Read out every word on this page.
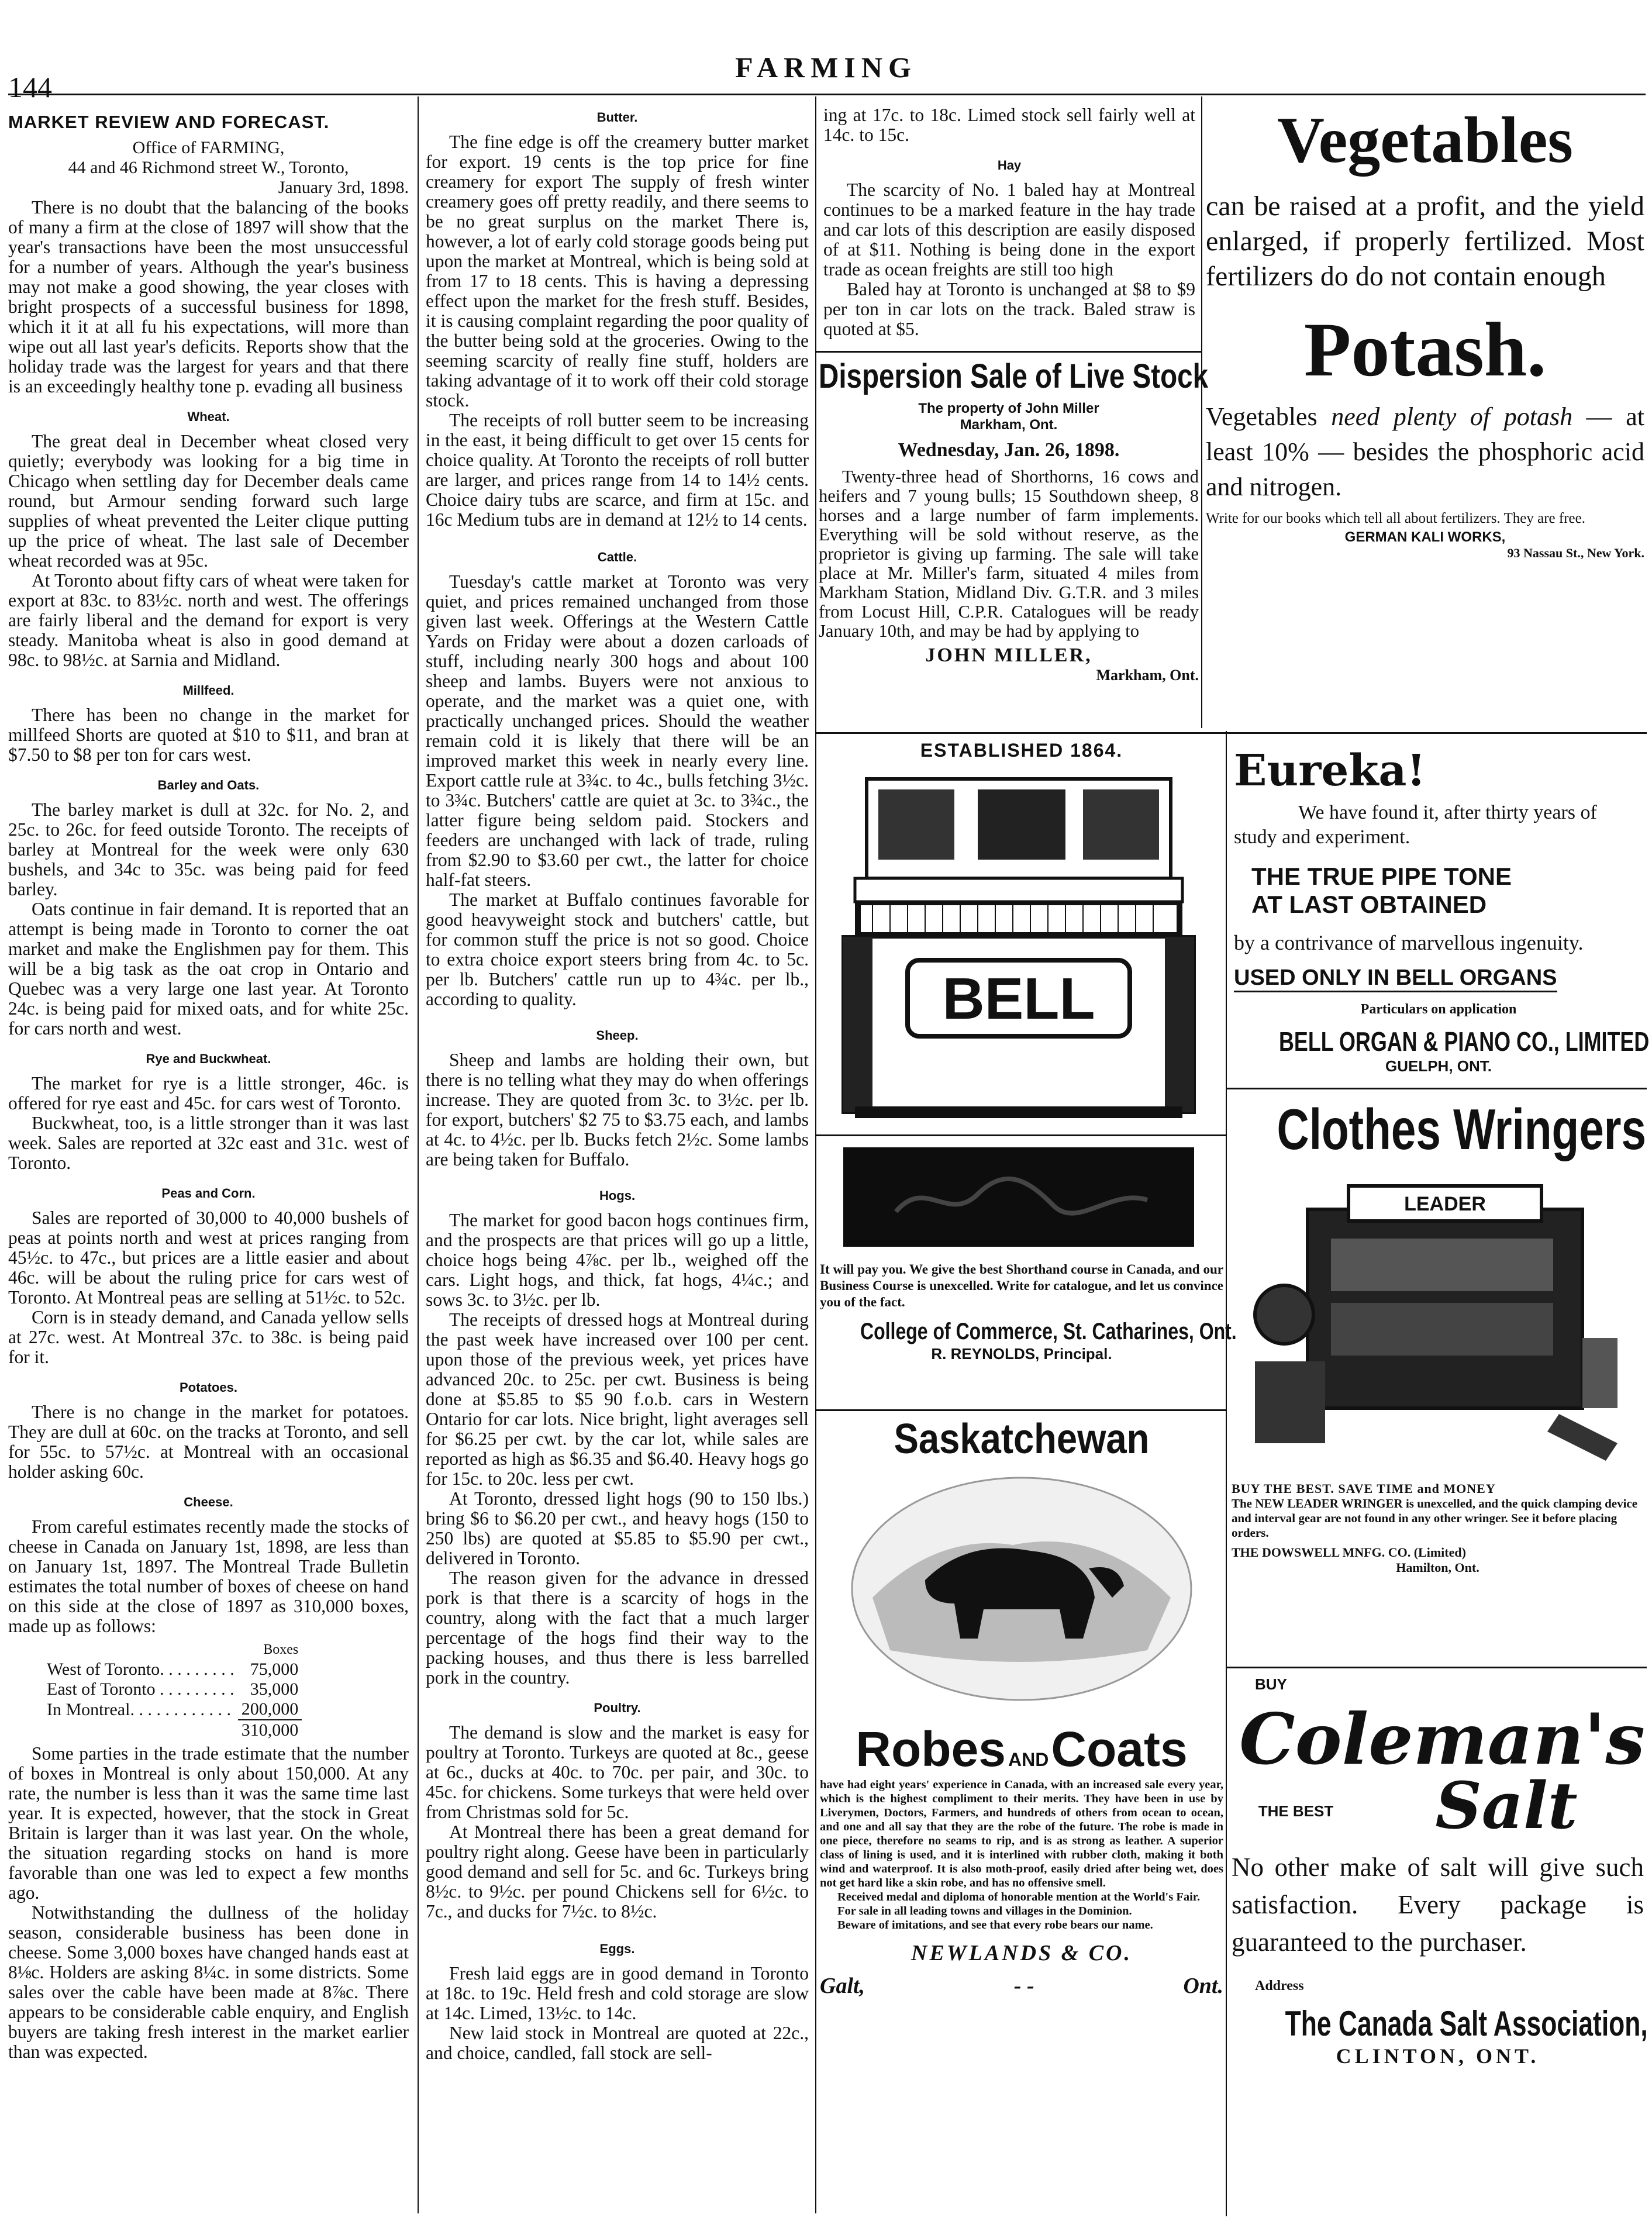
144
FARMING
MARKET REVIEW AND FORECAST.

Office of FARMING,

44 and 46 Richmond street W., Toronto,

January 3rd, 1898.

There is no doubt that the balancing of the books of many a firm at the close of 1897 will show that the year's transactions have been the most unsuccessful for a number of years. Although the year's business may not make a good showing, the year closes with bright prospects of a successful business for 1898, which it it at all fu his expectations, will more than wipe out all last year's deficits. Reports show that the holiday trade was the largest for years and that there is an exceedingly healthy tone p. evading all business

Wheat.

The great deal in December wheat closed very quietly; everybody was looking for a big time in Chicago when settling day for December deals came round, but Armour sending forward such large supplies of wheat prevented the Leiter clique putting up the price of wheat. The last sale of December wheat recorded was at 95c.

At Toronto about fifty cars of wheat were taken for export at 83c. to 83½c. north and west. The offerings are fairly liberal and the demand for export is very steady. Manitoba wheat is also in good demand at 98c. to 98½c. at Sarnia and Midland.

Millfeed.

There has been no change in the market for millfeed Shorts are quoted at $10 to $11, and bran at $7.50 to $8 per ton for cars west.

Barley and Oats.

The barley market is dull at 32c. for No. 2, and 25c. to 26c. for feed outside Toronto. The receipts of barley at Montreal for the week were only 630 bushels, and 34c to 35c. was being paid for feed barley.

Oats continue in fair demand. It is reported that an attempt is being made in Toronto to corner the oat market and make the Englishmen pay for them. This will be a big task as the oat crop in Ontario and Quebec was a very large one last year. At Toronto 24c. is being paid for mixed oats, and for white 25c. for cars north and west.

Rye and Buckwheat.

The market for rye is a little stronger, 46c. is offered for rye east and 45c. for cars west of Toronto.

Buckwheat, too, is a little stronger than it was last week. Sales are reported at 32c east and 31c. west of Toronto.

Peas and Corn.

Sales are reported of 30,000 to 40,000 bushels of peas at points north and west at prices ranging from 45½c. to 47c., but prices are a little easier and about 46c. will be about the ruling price for cars west of Toronto. At Montreal peas are selling at 51½c. to 52c.

Corn is in steady demand, and Canada yellow sells at 27c. west. At Montreal 37c. to 38c. is being paid for it.

Potatoes.

There is no change in the market for potatoes. They are dull at 60c. on the tracks at Toronto, and sell for 55c. to 57½c. at Montreal with an occasional holder asking 60c.

Cheese.

From careful estimates recently made the stocks of cheese in Canada on January 1st, 1898, are less than on January 1st, 1897. The Montreal Trade Bulletin estimates the total number of boxes of cheese on hand on this side at the close of 1897 as 310,000 boxes, made up as follows:

	Boxes
West of Toronto. . . . . . . . .	75,000
East of Toronto . . . . . . . . .	35,000
In Montreal. . . . . . . . . . . .	200,000
	310,000

Some parties in the trade estimate that the number of boxes in Montreal is only about 150,000. At any rate, the number is less than it was the same time last year. It is expected, however, that the stock in Great Britain is larger than it was last year. On the whole, the situation regarding stocks on hand is more favorable than one was led to expect a few months ago.

Notwithstanding the dullness of the holiday season, considerable business has been done in cheese. Some 3,000 boxes have changed hands east at 8⅛c. Holders are asking 8¼c. in some districts. Some sales over the cable have been made at 8⅞c. There appears to be considerable cable enquiry, and English buyers are taking fresh interest in the market earlier than was expected.

Butter.

The fine edge is off the creamery butter market for export. 19 cents is the top price for fine creamery for export The supply of fresh winter creamery goes off pretty readily, and there seems to be no great surplus on the market There is, however, a lot of early cold storage goods being put upon the market at Montreal, which is being sold at from 17 to 18 cents. This is having a depressing effect upon the market for the fresh stuff. Besides, it is causing complaint regarding the poor quality of the butter being sold at the groceries. Owing to the seeming scarcity of really fine stuff, holders are taking advantage of it to work off their cold storage stock.

The receipts of roll butter seem to be increasing in the east, it being difficult to get over 15 cents for choice quality. At Toronto the receipts of roll butter are larger, and prices range from 14 to 14½ cents. Choice dairy tubs are scarce, and firm at 15c. and 16c Medium tubs are in demand at 12½ to 14 cents.

Cattle.

Tuesday's cattle market at Toronto was very quiet, and prices remained unchanged from those given last week. Offerings at the Western Cattle Yards on Friday were about a dozen carloads of stuff, including nearly 300 hogs and about 100 sheep and lambs. Buyers were not anxious to operate, and the market was a quiet one, with practically unchanged prices. Should the weather remain cold it is likely that there will be an improved market this week in nearly every line. Export cattle rule at 3¾c. to 4c., bulls fetching 3½c. to 3¾c. Butchers' cattle are quiet at 3c. to 3¾c., the latter figure being seldom paid. Stockers and feeders are unchanged with lack of trade, ruling from $2.90 to $3.60 per cwt., the latter for choice half-fat steers.

The market at Buffalo continues favorable for good heavyweight stock and butchers' cattle, but for common stuff the price is not so good. Choice to extra choice export steers bring from 4c. to 5c. per lb. Butchers' cattle run up to 4¾c. per lb., according to quality.

Sheep.

Sheep and lambs are holding their own, but there is no telling what they may do when offerings increase. They are quoted from 3c. to 3½c. per lb. for export, butchers' $2 75 to $3.75 each, and lambs at 4c. to 4½c. per lb. Bucks fetch 2½c. Some lambs are being taken for Buffalo.

Hogs.

The market for good bacon hogs continues firm, and the prospects are that prices will go up a little, choice hogs being 4⅞c. per lb., weighed off the cars. Light hogs, and thick, fat hogs, 4¼c.; and sows 3c. to 3½c. per lb.

The receipts of dressed hogs at Montreal during the past week have increased over 100 per cent. upon those of the previous week, yet prices have advanced 20c. to 25c. per cwt. Business is being done at $5.85 to $5 90 f.o.b. cars in Western Ontario for car lots. Nice bright, light averages sell for $6.25 per cwt. by the car lot, while sales are reported as high as $6.35 and $6.40. Heavy hogs go for 15c. to 20c. less per cwt.

At Toronto, dressed light hogs (90 to 150 lbs.) bring $6 to $6.20 per cwt., and heavy hogs (150 to 250 lbs) are quoted at $5.85 to $5.90 per cwt., delivered in Toronto.

The reason given for the advance in dressed pork is that there is a scarcity of hogs in the country, along with the fact that a much larger percentage of the hogs find their way to the packing houses, and thus there is less barrelled pork in the country.

Poultry.

The demand is slow and the market is easy for poultry at Toronto. Turkeys are quoted at 8c., geese at 6c., ducks at 40c. to 70c. per pair, and 30c. to 45c. for chickens. Some turkeys that were held over from Christmas sold for 5c.

At Montreal there has been a great demand for poultry right along. Geese have been in particularly good demand and sell for 5c. and 6c. Turkeys bring 8½c. to 9½c. per pound Chickens sell for 6½c. to 7c., and ducks for 7½c. to 8½c.

Eggs.

Fresh laid eggs are in good demand in Toronto at 18c. to 19c. Held fresh and cold storage are slow at 14c. Limed, 13½c. to 14c.

New laid stock in Montreal are quoted at 22c., and choice, candled, fall stock are sell-

ing at 17c. to 18c. Limed stock sell fairly well at 14c. to 15c.

Hay

The scarcity of No. 1 baled hay at Montreal continues to be a marked feature in the hay trade and car lots of this description are easily disposed of at $11. Nothing is being done in the export trade as ocean freights are still too high

Baled hay at Toronto is unchanged at $8 to $9 per ton in car lots on the track. Baled straw is quoted at $5.

Dispersion Sale of Live Stock
The property of John Miller
Markham, Ont.
Wednesday, Jan. 26, 1898.
Twenty-three head of Shorthorns, 16 cows and heifers and 7 young bulls; 15 Southdown sheep, 8 horses and a large number of farm implements. Everything will be sold without reserve, as the proprietor is giving up farming. The sale will take place at Mr. Miller's farm, situated 4 miles from Markham Station, Midland Div. G.T.R. and 3 miles from Locust Hill, C.P.R. Catalogues will be ready January 10th, and may be had by applying to
JOHN MILLER,
Markham, Ont.
Vegetables
can be raised at a profit, and the yield enlarged, if properly fertilized. Most fertilizers do do not contain enough
Potash.
Vegetables need plenty of potash — at least 10% — besides the phosphoric acid and nitrogen.
Write for our books which tell all about fertilizers. They are free.
GERMAN KALI WORKS,
93 Nassau St., New York.
ESTABLISHED 1864.
BELL
Eureka!
We have found it, after thirty years of study and experiment.
THE TRUE PIPE TONE
AT LAST OBTAINED
by a contrivance of marvellous ingenuity.
USED ONLY IN BELL ORGANS
Particulars on application
BELL ORGAN & PIANO CO., LIMITED
GUELPH, ONT.
It will pay you. We give the best Shorthand course in Canada, and our Business Course is unexcelled. Write for catalogue, and let us convince you of the fact.
College of Commerce, St. Catharines, Ont.
R. REYNOLDS, Principal.
Clothes Wringers
LEADER
BUY THE BEST. SAVE TIME and MONEY
The NEW LEADER WRINGER is unexcelled, and the quick clamping device and interval gear are not found in any other wringer. See it before placing orders.
THE DOWSWELL MNFG. CO. (Limited)
Hamilton, Ont.
Saskatchewan
Robes AND Coats
have had eight years' experience in Canada, with an increased sale every year, which is the highest compliment to their merits. They have been in use by Liverymen, Doctors, Farmers, and hundreds of others from ocean to ocean, and one and all say that they are the robe of the future. The robe is made in one piece, therefore no seams to rip, and is as strong as leather. A superior class of lining is used, and it is interlined with rubber cloth, making it both wind and waterproof. It is also moth-proof, easily dried after being wet, does not get hard like a skin robe, and has no offensive smell.
Received medal and diploma of honorable mention at the World's Fair.
For sale in all leading towns and villages in the Dominion.
Beware of imitations, and see that every robe bears our name.
NEWLANDS & CO.
Galt,	- -	Ont.
BUY
Coleman's
Salt
THE BEST
No other make of salt will give such satisfaction. Every package is guaranteed to the purchaser.
Address
The Canada Salt Association,
CLINTON, ONT.
